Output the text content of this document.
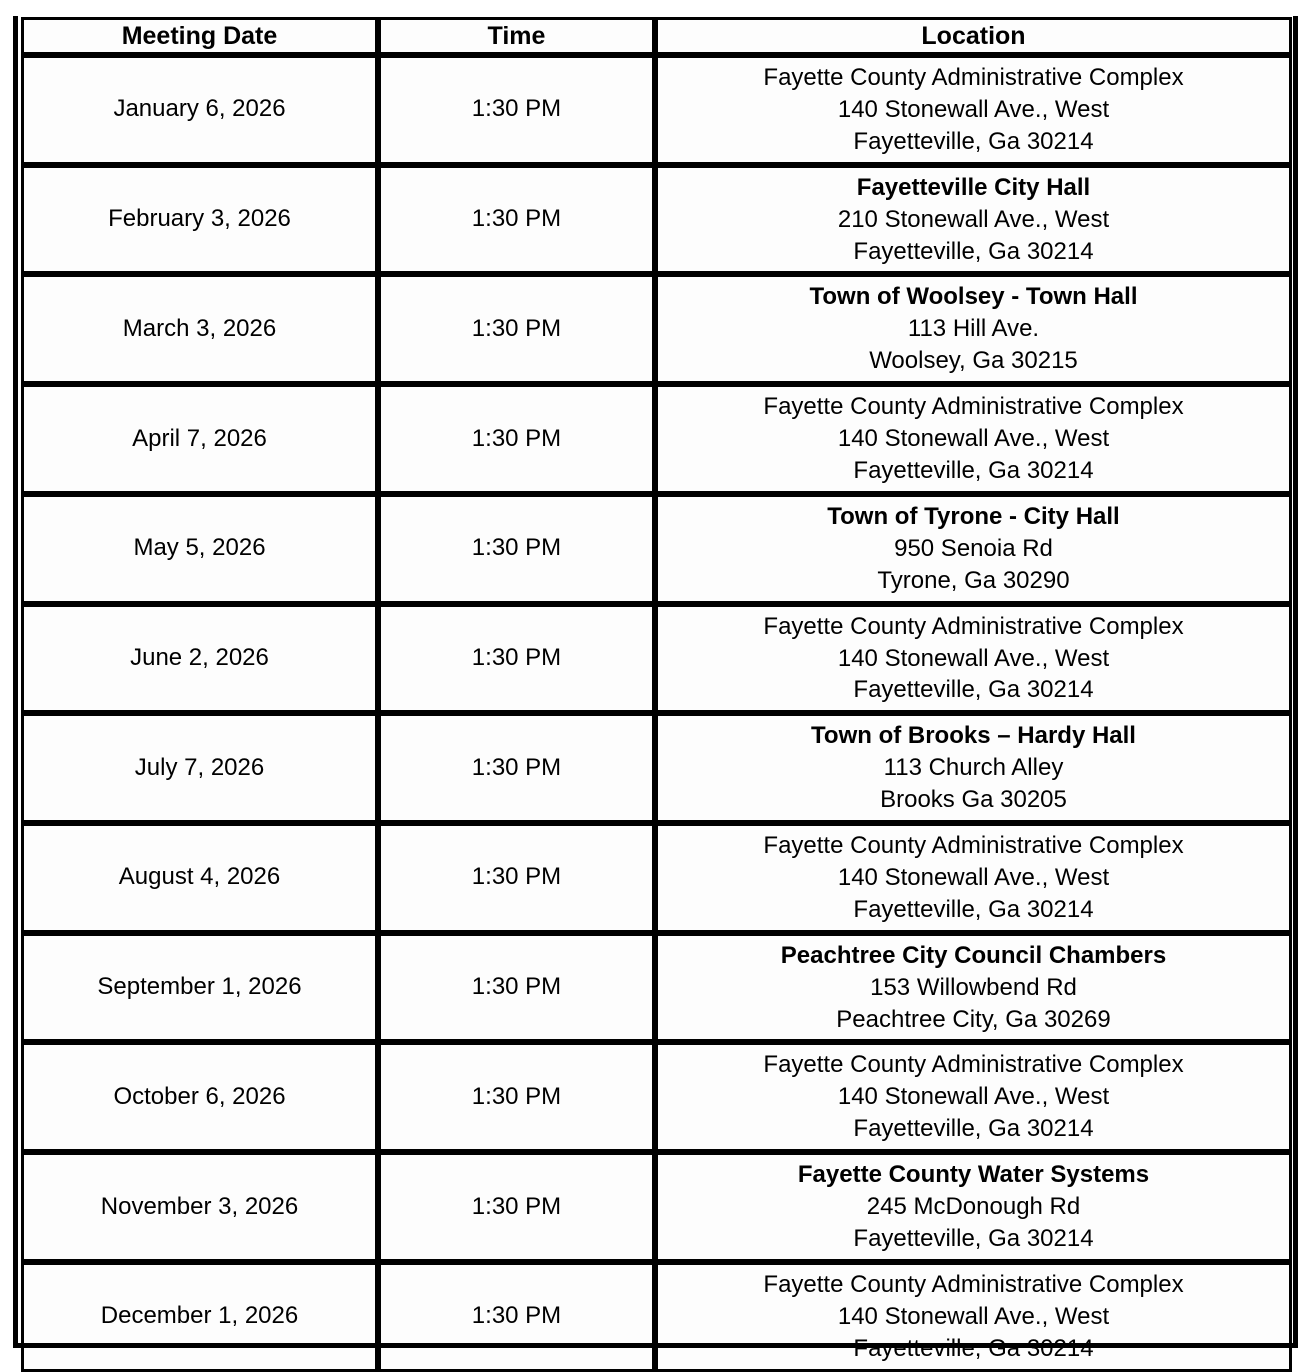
Meeting Date	Time	Location
January 6, 2026	1:30 PM	Fayette County Administrative Complex
140 Stonewall Ave., West
Fayetteville, Ga 30214

February 3, 2026	1:30 PM	Fayetteville City Hall
210 Stonewall Ave., West
Fayetteville, Ga 30214

March 3, 2026	1:30 PM	Town of Woolsey - Town Hall
113 Hill Ave.
Woolsey, Ga 30215

April 7, 2026	1:30 PM	Fayette County Administrative Complex
140 Stonewall Ave., West
Fayetteville, Ga 30214

May 5, 2026	1:30 PM	Town of Tyrone - City Hall
950 Senoia Rd
Tyrone, Ga 30290

June 2, 2026	1:30 PM	Fayette County Administrative Complex
140 Stonewall Ave., West
Fayetteville, Ga 30214

July 7, 2026	1:30 PM	Town of Brooks – Hardy Hall
113 Church Alley
Brooks Ga 30205

August 4, 2026	1:30 PM	Fayette County Administrative Complex
140 Stonewall Ave., West
Fayetteville, Ga 30214

September 1, 2026	1:30 PM	Peachtree City Council Chambers
153 Willowbend Rd
Peachtree City, Ga 30269

October 6, 2026	1:30 PM	Fayette County Administrative Complex
140 Stonewall Ave., West
Fayetteville, Ga 30214

November 3, 2026	1:30 PM	Fayette County Water Systems
245 McDonough Rd
Fayetteville, Ga 30214

December 1, 2026	1:30 PM	Fayette County Administrative Complex
140 Stonewall Ave., West
Fayetteville, Ga 30214
